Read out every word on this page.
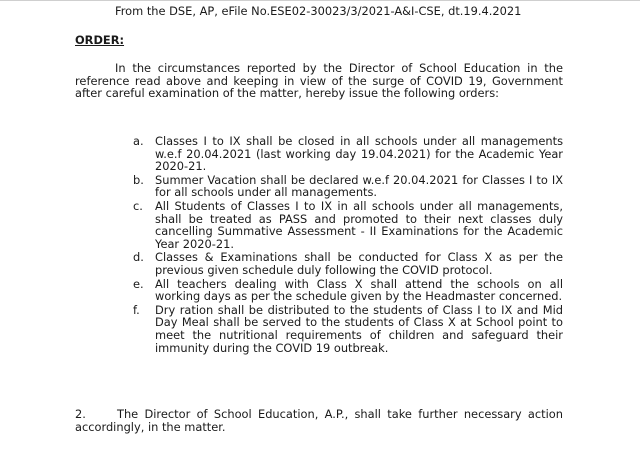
From the DSE, AP, eFile No.ESE02-30023/3/2021-A&I-CSE, dt.19.4.2021
ORDER:

In the circumstances reported by the Director of School Education in the reference read above and keeping in view of the surge of COVID 19, Government after careful examination of the matter, hereby issue the following orders:

a. Classes I to IX shall be closed in all schools under all managements w.e.f 20.04.2021 (last working day 19.04.2021) for the Academic Year 2020-21.
b. Summer Vacation shall be declared w.e.f 20.04.2021 for Classes I to IX for all schools under all managements.
c. All Students of Classes I to IX in all schools under all managements, shall be treated as PASS and promoted to their next classes duly cancelling Summative Assessment - II Examinations for the Academic Year 2020-21.
d. Classes & Examinations shall be conducted for Class X as per the previous given schedule duly following the COVID protocol.
e. All teachers dealing with Class X shall attend the schools on all working days as per the schedule given by the Headmaster concerned.
f. Dry ration shall be distributed to the students of Class I to IX and Mid Day Meal shall be served to the students of Class X at School point to meet the nutritional requirements of children and safeguard their immunity during the COVID 19 outbreak.

2.	The Director of School Education, A.P., shall take further necessary action accordingly, in the matter.
